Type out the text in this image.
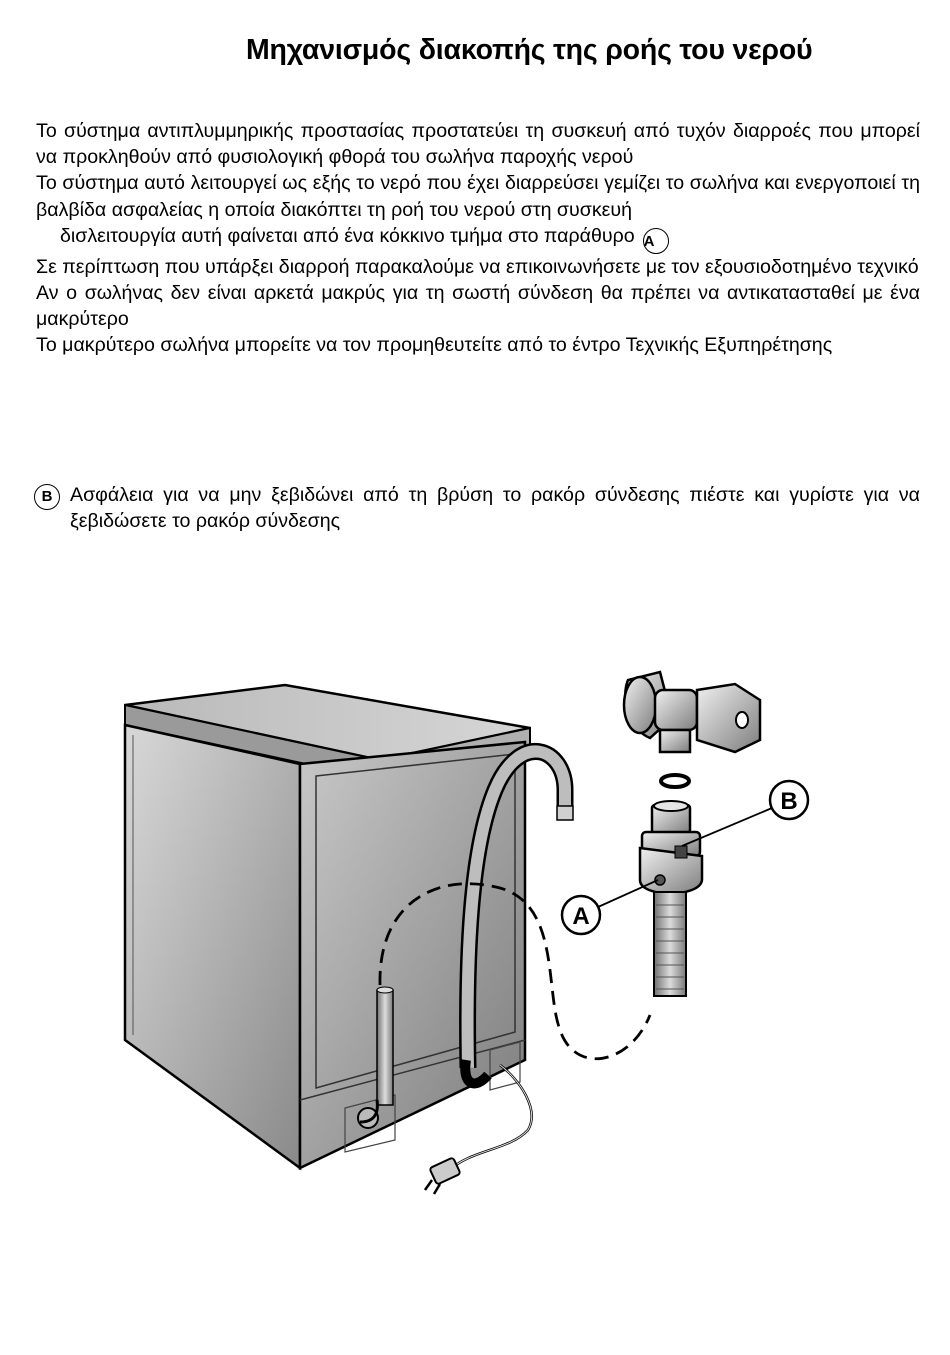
Μηχανισμός διακοπής της ροής του νερού

Το σύστημα αντιπλυμμηρικής προστασίας προστατεύει τη συσκευή από τυχόν διαρροές που μπορεί να προκληθούν από φυσιολογική φθορά του σωλήνα παροχής νερού

Το σύστημα αυτό λειτουργεί ως εξής το νερό που έχει διαρρεύσει γεμίζει το σωλήνα και ενεργοποιεί τη βαλβίδα ασφαλείας η οποία διακόπτει τη ροή του νερού στη συσκευή

δισλειτουργία αυτή φαίνεται από ένα κόκκινο τμήμα στο παράθυρο A

Σε περίπτωση που υπάρξει διαρροή παρακαλούμε να επικοινωνήσετε με τον εξουσιοδοτημένο τεχνικό

Αν ο σωλήνας δεν είναι αρκετά μακρύς για τη σωστή σύνδεση θα πρέπει να αντικατασταθεί με ένα μακρύτερο

Το μακρύτερο σωλήνα μπορείτε να τον προμηθευτείτε από το έντρο Τεχνικής Εξυπηρέτησης

B Ασφάλεια για να μην ξεβιδώνει από τη βρύση το ρακόρ σύνδεσης πιέστε και γυρίστε για να ξεβιδώσετε το ρακόρ σύνδεσης
A
B
